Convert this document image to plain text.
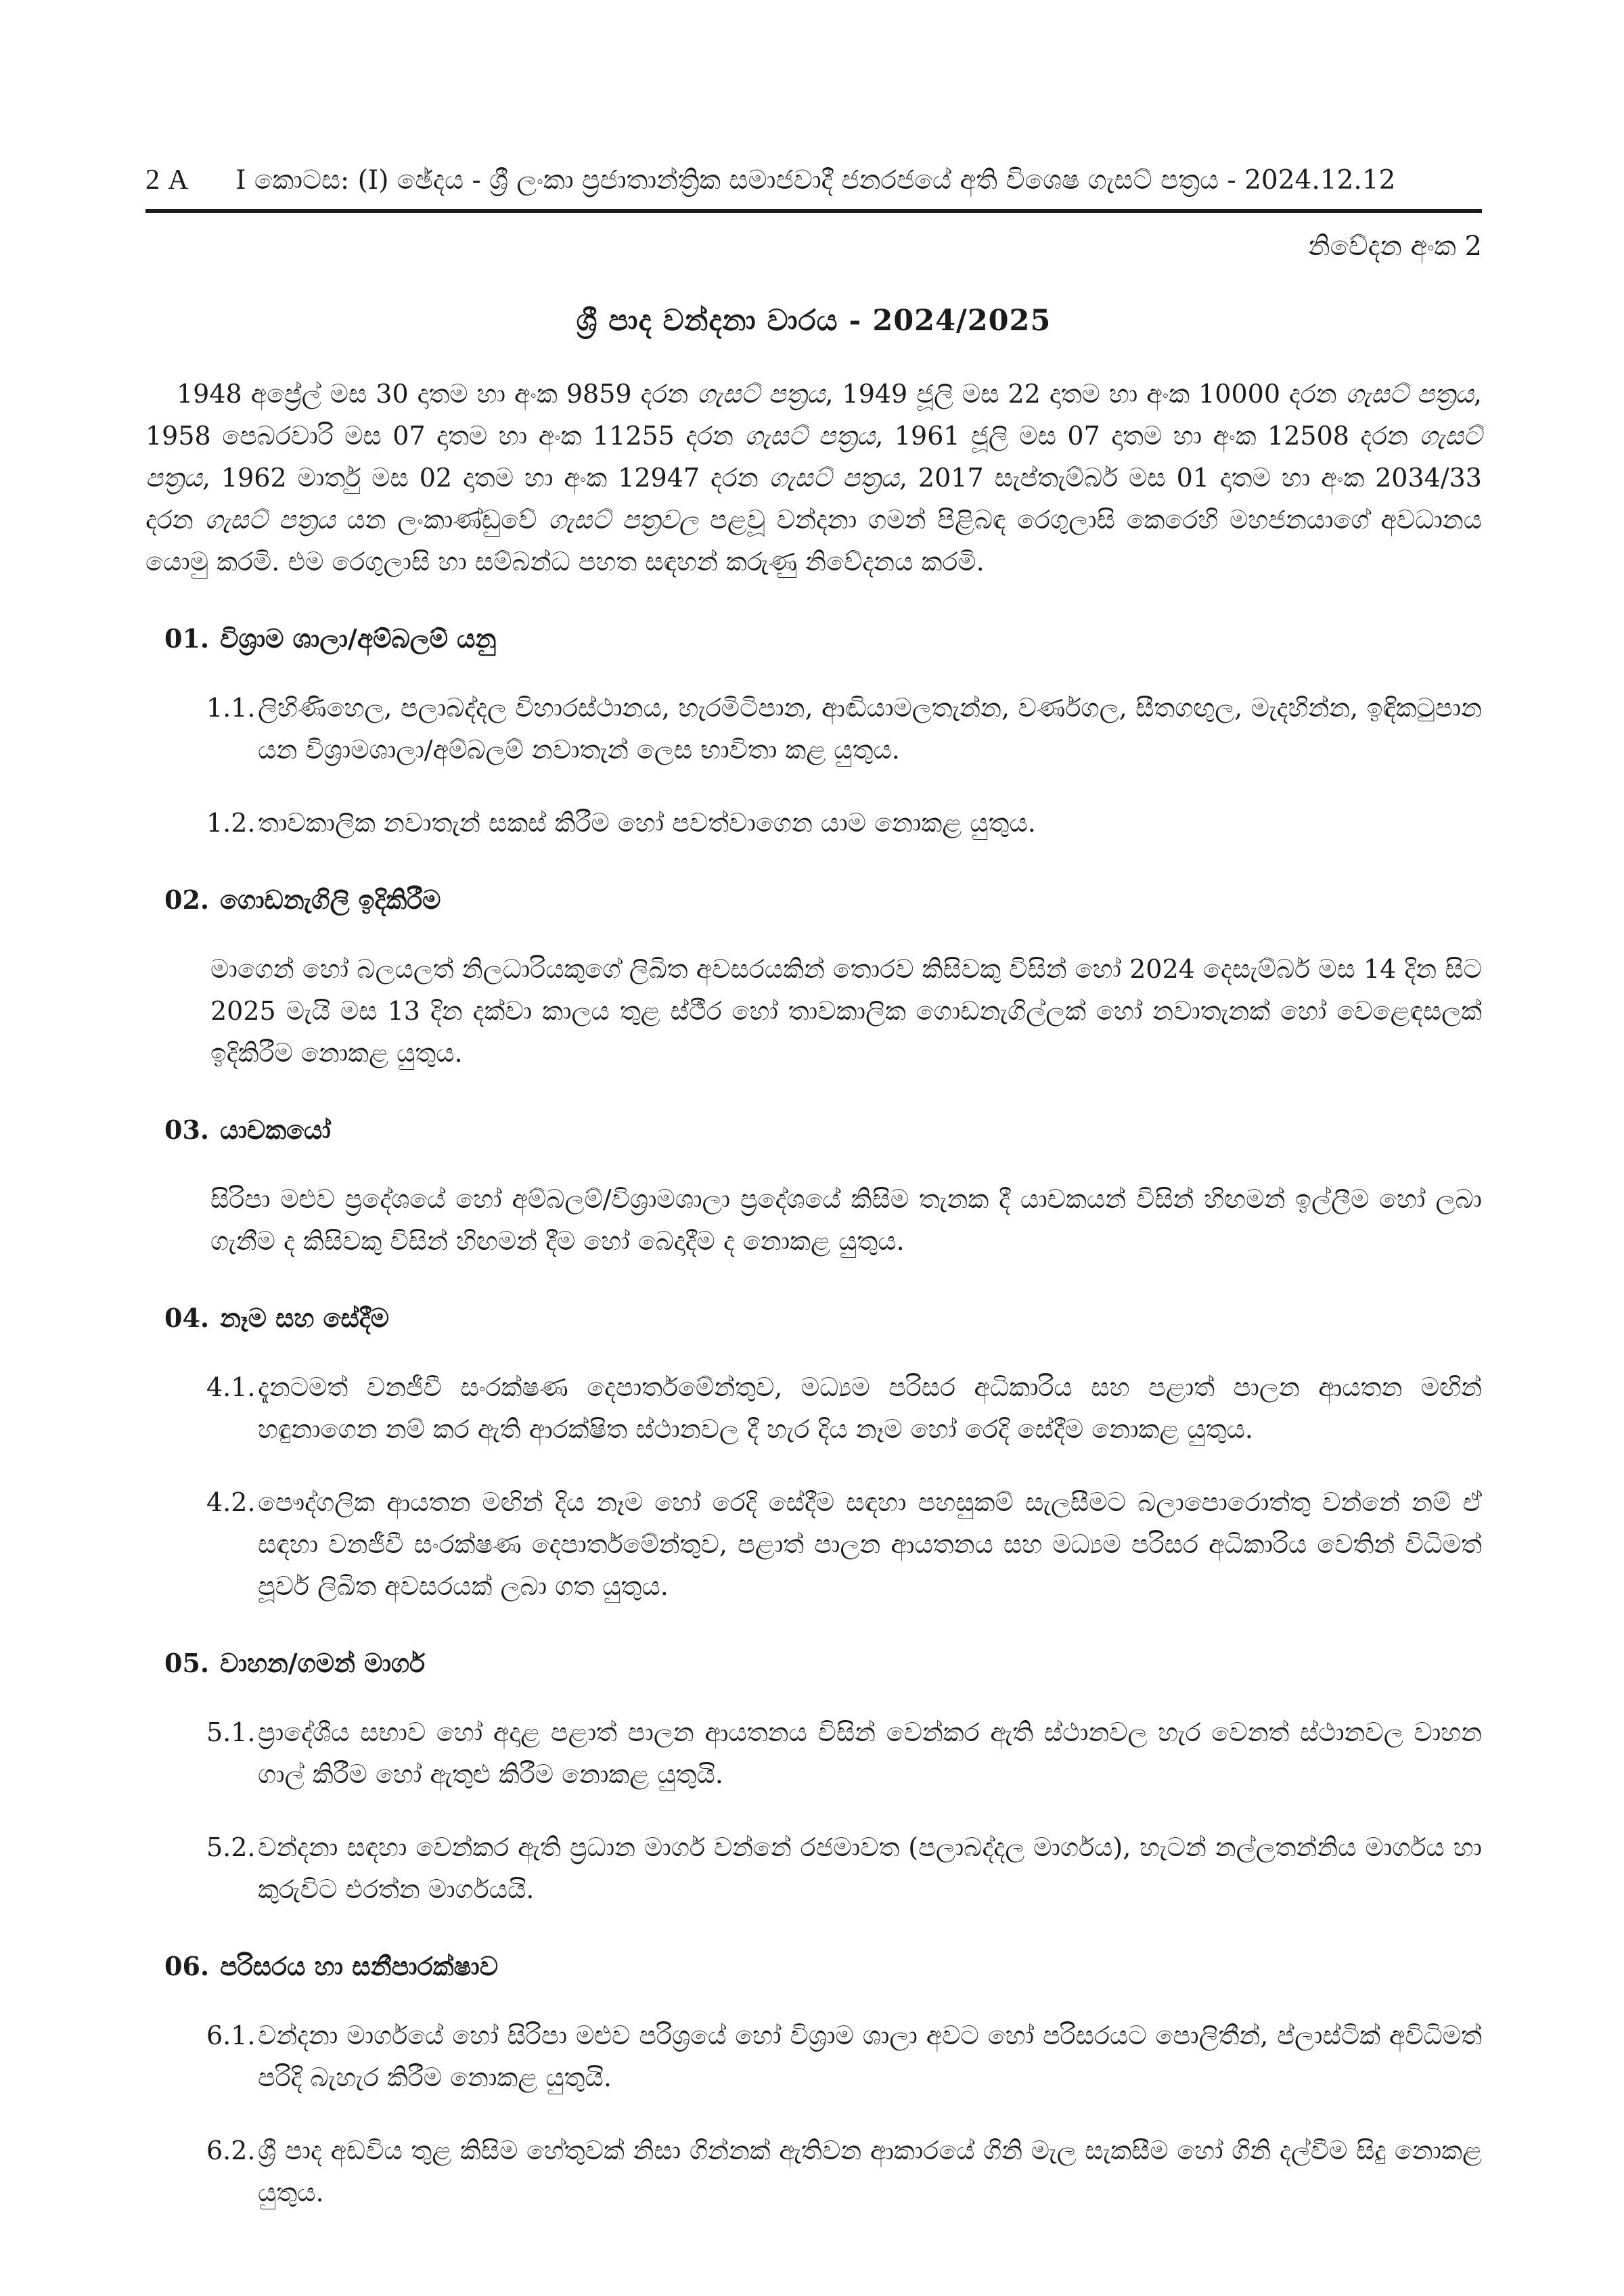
2 A	I කොටස: (I) ඡේදය - ශ්‍රී ලංකා ප්‍රජාතාන්ත්‍රික සමාජවාදී ජනරජයේ අති විශෙෂ ගැසට් පත්‍රය - 2024.12.12
නිවේදන අංක 2
ශ්‍රී පාද වන්දනා වාරය - 2024/2025

1948 අප්‍රේල් මස 30 දාතම හා අංක 9859 දරන ගැසට් පත්‍රය, 1949 ජූලි මස 22 දාතම හා අංක 10000 දරන ගැසට් පත්‍රය, 1958 පෙබරවාරි මස 07 දාතම හා අංක 11255 දරන ගැසට් පත්‍රය, 1961 ජූලි මස 07 දාතම හා අංක 12508 දරන ගැසට් පත්‍රය, 1962 මාර්තු මස 02 දාතම හා අංක 12947 දරන ගැසට් පත්‍රය, 2017 සැප්තැම්බර් මස 01 දාතම හා අංක 2034/33 දරන ගැසට් පත්‍රය යන ලංකාණ්ඩුවේ ගැසට් පත්‍රවල පළවූ වන්දනා ගමන් පිළිබඳ රෙගුලාසි කෙරෙහි මහජනයාගේ අවධානය යොමු කරමි. එම රෙගුලාසි හා සම්බන්ධ පහත සඳහන් කරුණු නිවේදනය කරමි.

01. විශ්‍රාම ශාලා/අම්බලම් යනු
1.1. ලිහිණිහෙල, පලාබද්දල විහාරස්ථානය, හැරමිටිපාන, ආඬියාමලතැන්න, වර්ණගල, සීතගඟුල, මැදහින්න, ඉඳිකටුපාන යන විශ්‍රාමශාලා/අම්බලම් නවාතැන් ලෙස භාවිතා කළ යුතුය.
1.2. තාවකාලික නවාතැන් සකස් කිරීම හෝ පවත්වාගෙන යාම නොකළ යුතුය.
02. ගොඩනැගිලි ඉදිකිරීම

මාගෙන් හෝ බලයලත් නිලධාරියකුගේ ලිඛිත අවසරයකින් තොරව කිසිවකු විසින් හෝ 2024 දෙසැම්බර් මස 14 දින සිට 2025 මැයි මස 13 දින දක්වා කාලය තුළ ස්ථීර හෝ තාවකාලික ගොඩනැගිල්ලක් හෝ නවාතැනක් හෝ වෙළෙඳසලක් ඉදිකිරීම නොකළ යුතුය.

03. යාචකයෝ

සිරිපා මළුව ප්‍රදේශයේ හෝ අම්බලම්/විශ්‍රාමශාලා ප්‍රදේශයේ කිසිම තැනක දී යාචකයන් විසින් හිඟමන් ඉල්ලීම හෝ ලබා ගැනීම ද කිසිවකු විසින් හිඟමන් දීම හෝ බෙදාදීම ද නොකළ යුතුය.

04. නෑම සහ සේදීම
4.1. දැනටමත් වනජීවී සංරක්ෂණ දෙපාර්තමේන්තුව, මධ්‍යම පරිසර අධිකාරිය සහ පළාත් පාලන ආයතන මඟින් හඳුනාගෙන නම් කර ඇති ආරක්ෂිත ස්ථානවල දී හැර දිය නෑම හෝ රෙදි සේදීම නොකළ යුතුය.
4.2. පෞද්ගලික ආයතන මඟින් දිය නෑම හෝ රෙදි සේදීම සඳහා පහසුකම් සැලසීමට බලාපොරොත්තු වන්නේ නම් ඒ සඳහා වනජීවී සංරක්ෂණ දෙපාර්තමේන්තුව, පළාත් පාලන ආයතනය සහ මධ්‍යම පරිසර අධිකාරිය වෙතින් විධිමත් පූර්ව ලිඛිත අවසරයක් ලබා ගත යුතුය.
05. වාහන/ගමන් මාර්ග
5.1. ප්‍රාදේශීය සභාව හෝ අදාළ පළාත් පාලන ආයතනය විසින් වෙන්කර ඇති ස්ථානවල හැර වෙනත් ස්ථානවල වාහන ගාල් කිරීම හෝ ඇතුළු කිරීම නොකළ යුතුයි.
5.2. වන්දනා සඳහා වෙන්කර ඇති ප්‍රධාන මාර්ග වන්නේ රජමාවත (පලාබද්දල මාර්ගය), හැටන් නල්ලතන්නිය මාර්ගය හා කුරුවිට එරත්න මාර්ගයයි.
06. පරිසරය හා සනීපාරක්ෂාව
6.1. වන්දනා මාර්ගයේ හෝ සිරිපා මළුව පරිශ්‍රයේ හෝ විශ්‍රාම ශාලා අවට හෝ පරිසරයට පොලිතීන්, ප්ලාස්ටික් අවිධිමත් පරිදි බැහැර කිරීම නොකළ යුතුයි.
6.2. ශ්‍රී පාද අඩවිය තුළ කිසිම හේතුවක් නිසා ගින්නක් ඇතිවන ආකාරයේ ගිනි මැල සැකසීම හෝ ගිනි දල්වීම සිදු නොකළ යුතුය.
